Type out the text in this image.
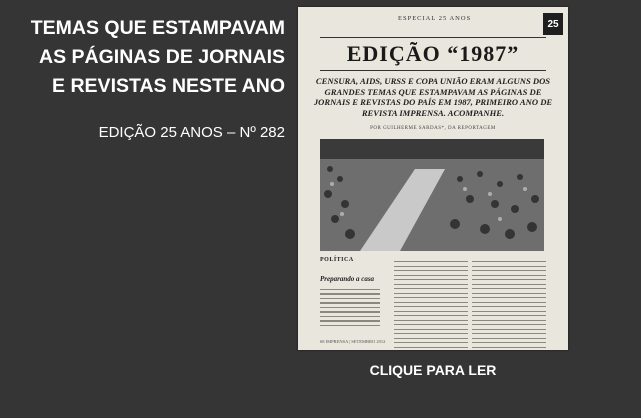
TEMAS QUE ESTAMPAVAM
AS PÁGINAS DE JORNAIS
E REVISTAS NESTE ANO
EDIÇÃO 25 ANOS – Nº 282
ESPECIAL 25 ANOS
25
EDIÇÃO “1987”
CENSURA, AIDS, URSS E COPA UNIÃO ERAM ALGUNS DOS GRANDES TEMAS QUE ESTAMPAVAM AS PÁGINAS DE JORNAIS E REVISTAS DO PAÍS EM 1987, PRIMEIRO ANO DE REVISTA IMPRENSA. ACOMPANHE.
POR GUILHERME SARDAS*, DA REPORTAGEM
POLÍTICA
Preparando a casa
68 IMPRENSA | SETEMBRO 2012
CLIQUE PARA LER
